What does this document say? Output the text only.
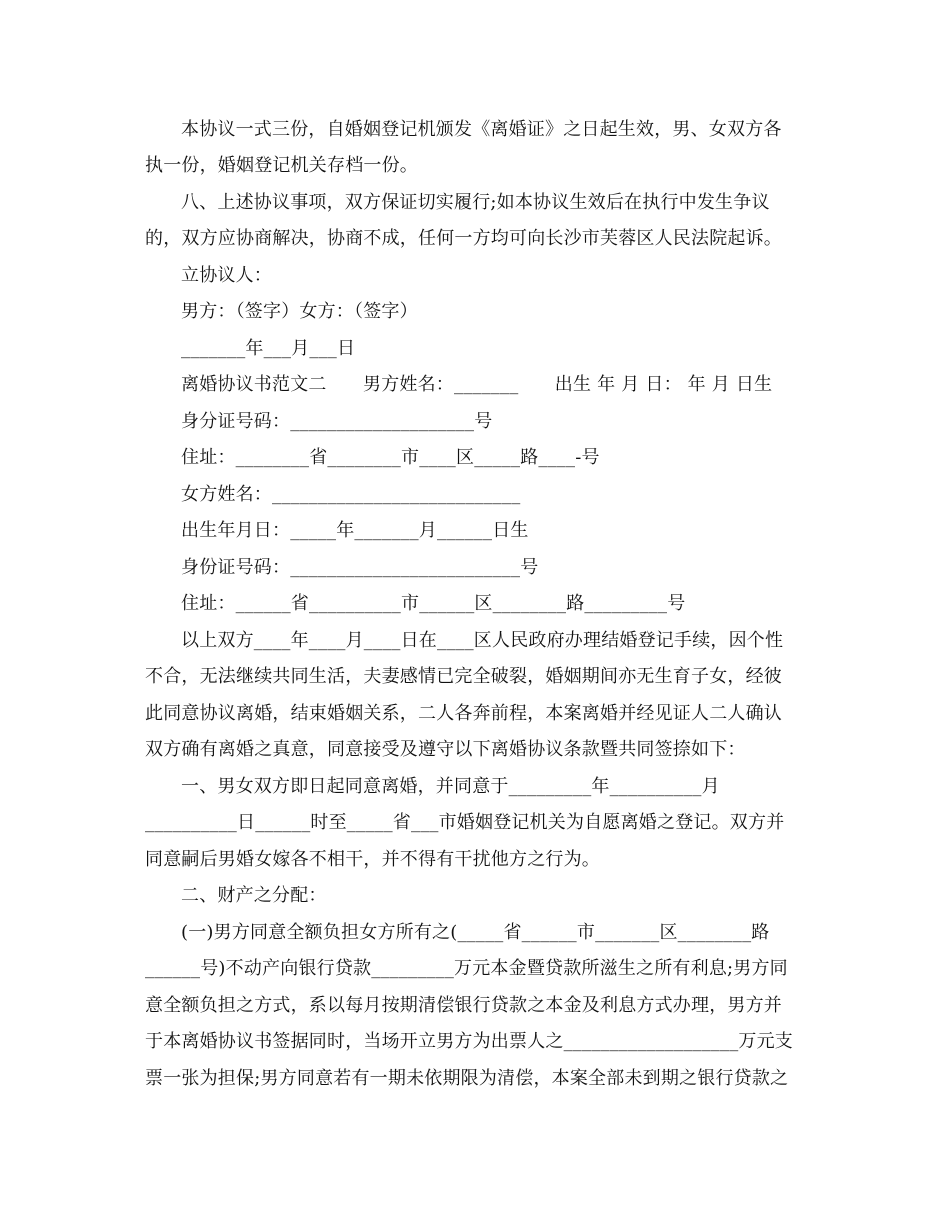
本协议一式三份，自婚姻登记机颁发《离婚证》之日起生效，男、女双方各
执一份，婚姻登记机关存档一份。
八、上述协议事项，双方保证切实履行;如本协议生效后在执行中发生争议
的，双方应协商解决，协商不成，任何一方均可向长沙市芙蓉区人民法院起诉。
立协议人：
男方：（签字）女方：（签字）
_______年___月___日
离婚协议书范文二　　男方姓名：_______　　出生 年 月 日： 年 月 日生
身分证号码：____________________号
住址：________省________市____区_____路____-号
女方姓名：___________________________
出生年月日：_____年_______月______日生
身份证号码：_________________________号
住址：______省__________市______区________路_________号
以上双方____年____月____日在____区人民政府办理结婚登记手续，因个性
不合，无法继续共同生活，夫妻感情已完全破裂，婚姻期间亦无生育子女，经彼
此同意协议离婚，结束婚姻关系，二人各奔前程，本案离婚并经见证人二人确认
双方确有离婚之真意，同意接受及遵守以下离婚协议条款暨共同签捺如下：
一、男女双方即日起同意离婚，并同意于_________年__________月
__________日______时至_____省___市婚姻登记机关为自愿离婚之登记。双方并
同意嗣后男婚女嫁各不相干，并不得有干扰他方之行为。
二、财产之分配：
(一)男方同意全额负担女方所有之(_____省______市_______区________路
______号)不动产向银行贷款_________万元本金暨贷款所滋生之所有利息;男方同
意全额负担之方式，系以每月按期清偿银行贷款之本金及利息方式办理，男方并
于本离婚协议书签据同时，当场开立男方为出票人之___________________万元支
票一张为担保;男方同意若有一期未依期限为清偿，本案全部未到期之银行贷款之
